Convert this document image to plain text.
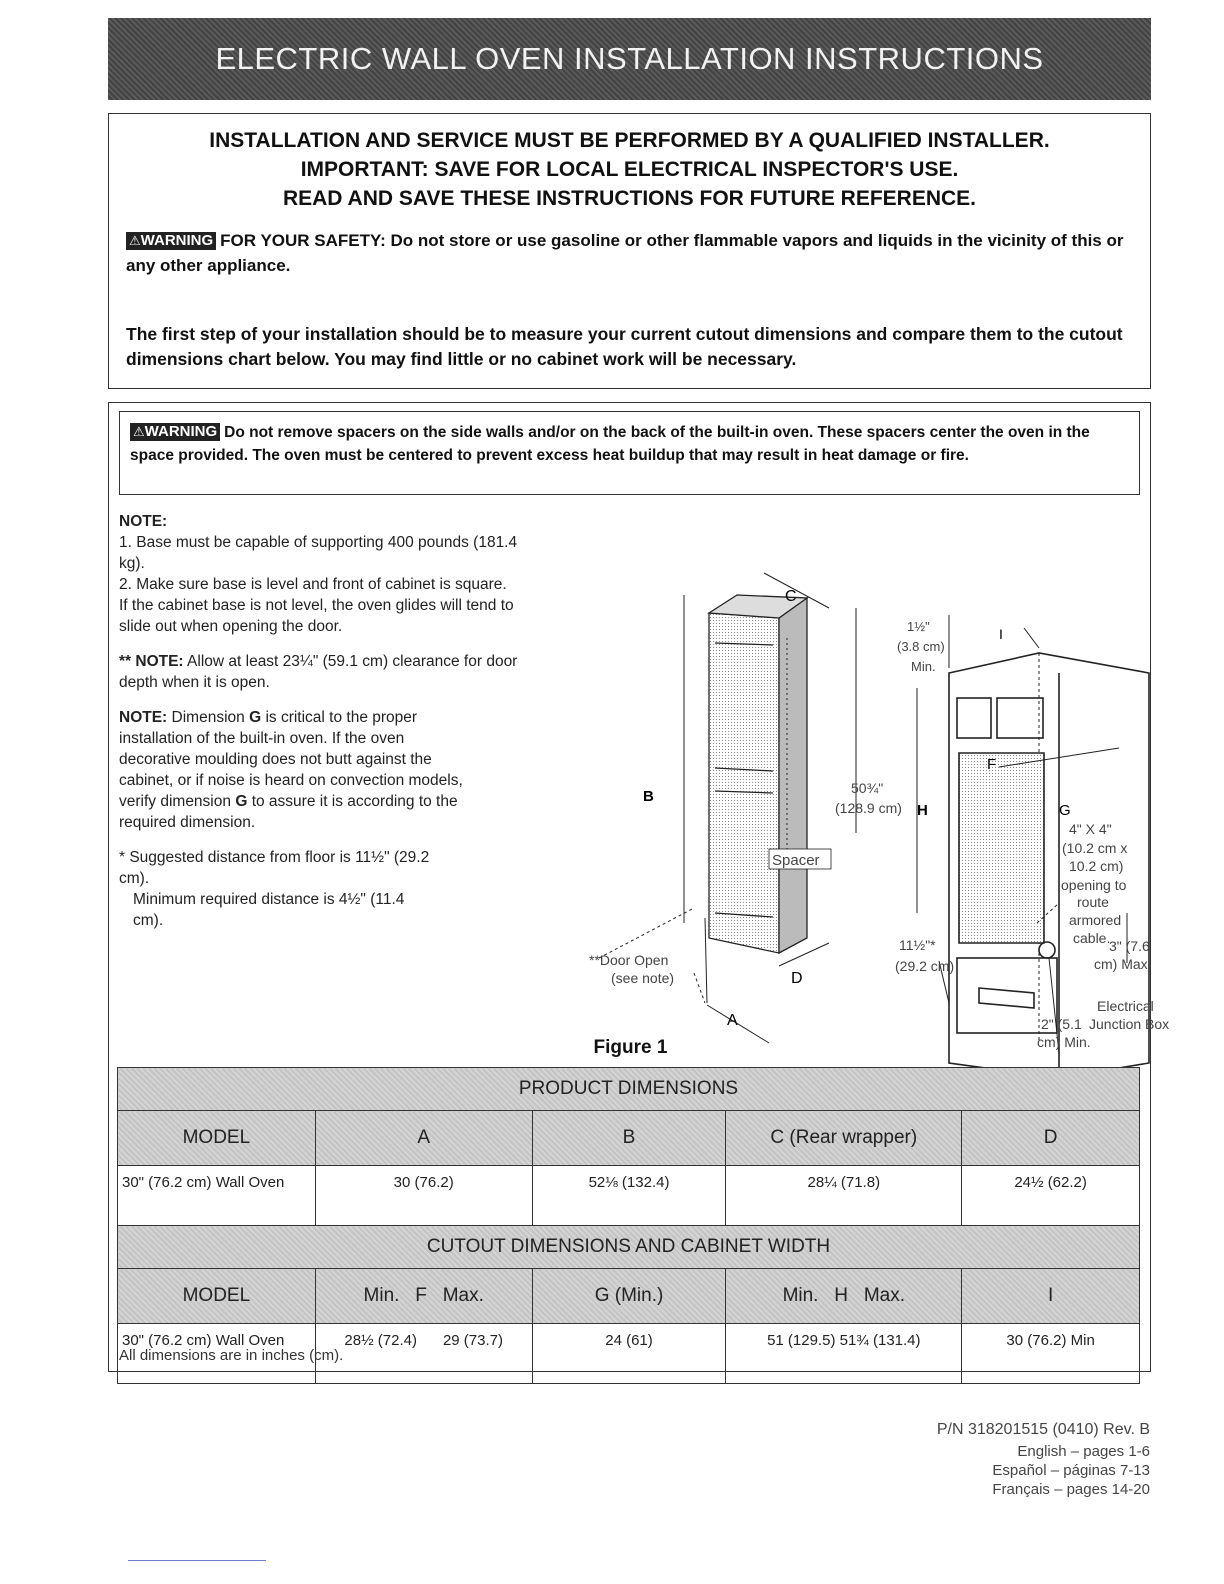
ELECTRIC WALL OVEN INSTALLATION INSTRUCTIONS
INSTALLATION AND SERVICE MUST BE PERFORMED BY A QUALIFIED INSTALLER.
IMPORTANT: SAVE FOR LOCAL ELECTRICAL INSPECTOR'S USE.
READ AND SAVE THESE INSTRUCTIONS FOR FUTURE REFERENCE.
⚠WARNING FOR YOUR SAFETY: Do not store or use gasoline or other flammable vapors and liquids in the vicinity of this or any other appliance.
The first step of your installation should be to measure your current cutout dimensions and compare them to the cutout dimensions chart below. You may find little or no cabinet work will be necessary.
⚠WARNING Do not remove spacers on the side walls and/or on the back of the built-in oven. These spacers center the oven in the space provided. The oven must be centered to prevent excess heat buildup that may result in heat damage or fire.

NOTE:

1. Base must be capable of supporting 400 pounds (181.4 kg).

2. Make sure base is level and front of cabinet is square. If the cabinet base is not level, the oven glides will tend to slide out when opening the door.

** NOTE: Allow at least 23¼" (59.1 cm) clearance for door depth when it is open.

NOTE: Dimension G is critical to the proper installation of the built-in oven. If the oven decorative moulding does not butt against the cabinet, or if noise is heard on convection models, verify dimension G to assure it is according to the required dimension.

* Suggested distance from floor is 11½" (29.2 cm).

Minimum required distance is 4½" (11.4 cm).

C
B
D
A
Spacer
50¾"
(128.9 cm) H
**Door Open
(see note)
I
F
G
1½"
(3.8 cm)
Min.
11½"*
(29.2 cm)
4" X 4"
(10.2 cm x
10.2 cm)
opening to
route
armored
cable.
3" (7.6
cm) Max.
Electrical
Junction Box
2" (5.1
cm) Min.
Figure 1
PRODUCT DIMENSIONS				
MODEL	A	B	C (Rear wrapper)	D
30" (76.2 cm) Wall Oven	30 (76.2)	52⅛ (132.4)	28¼ (71.8)	24½ (62.2)
CUTOUT DIMENSIONS AND CABINET WIDTH				
MODEL	Min.   F   Max.	G (Min.)	Min.   H   Max.	I
30" (76.2 cm) Wall Oven	28½ (72.4) 29 (73.7)	24 (61)	51 (129.5) 51¾ (131.4)	30 (76.2) Min
All dimensions are in inches (cm).
P/N 318201515 (0410) Rev. B
English – pages 1-6
Español – páginas 7-13
Français – pages 14-20
